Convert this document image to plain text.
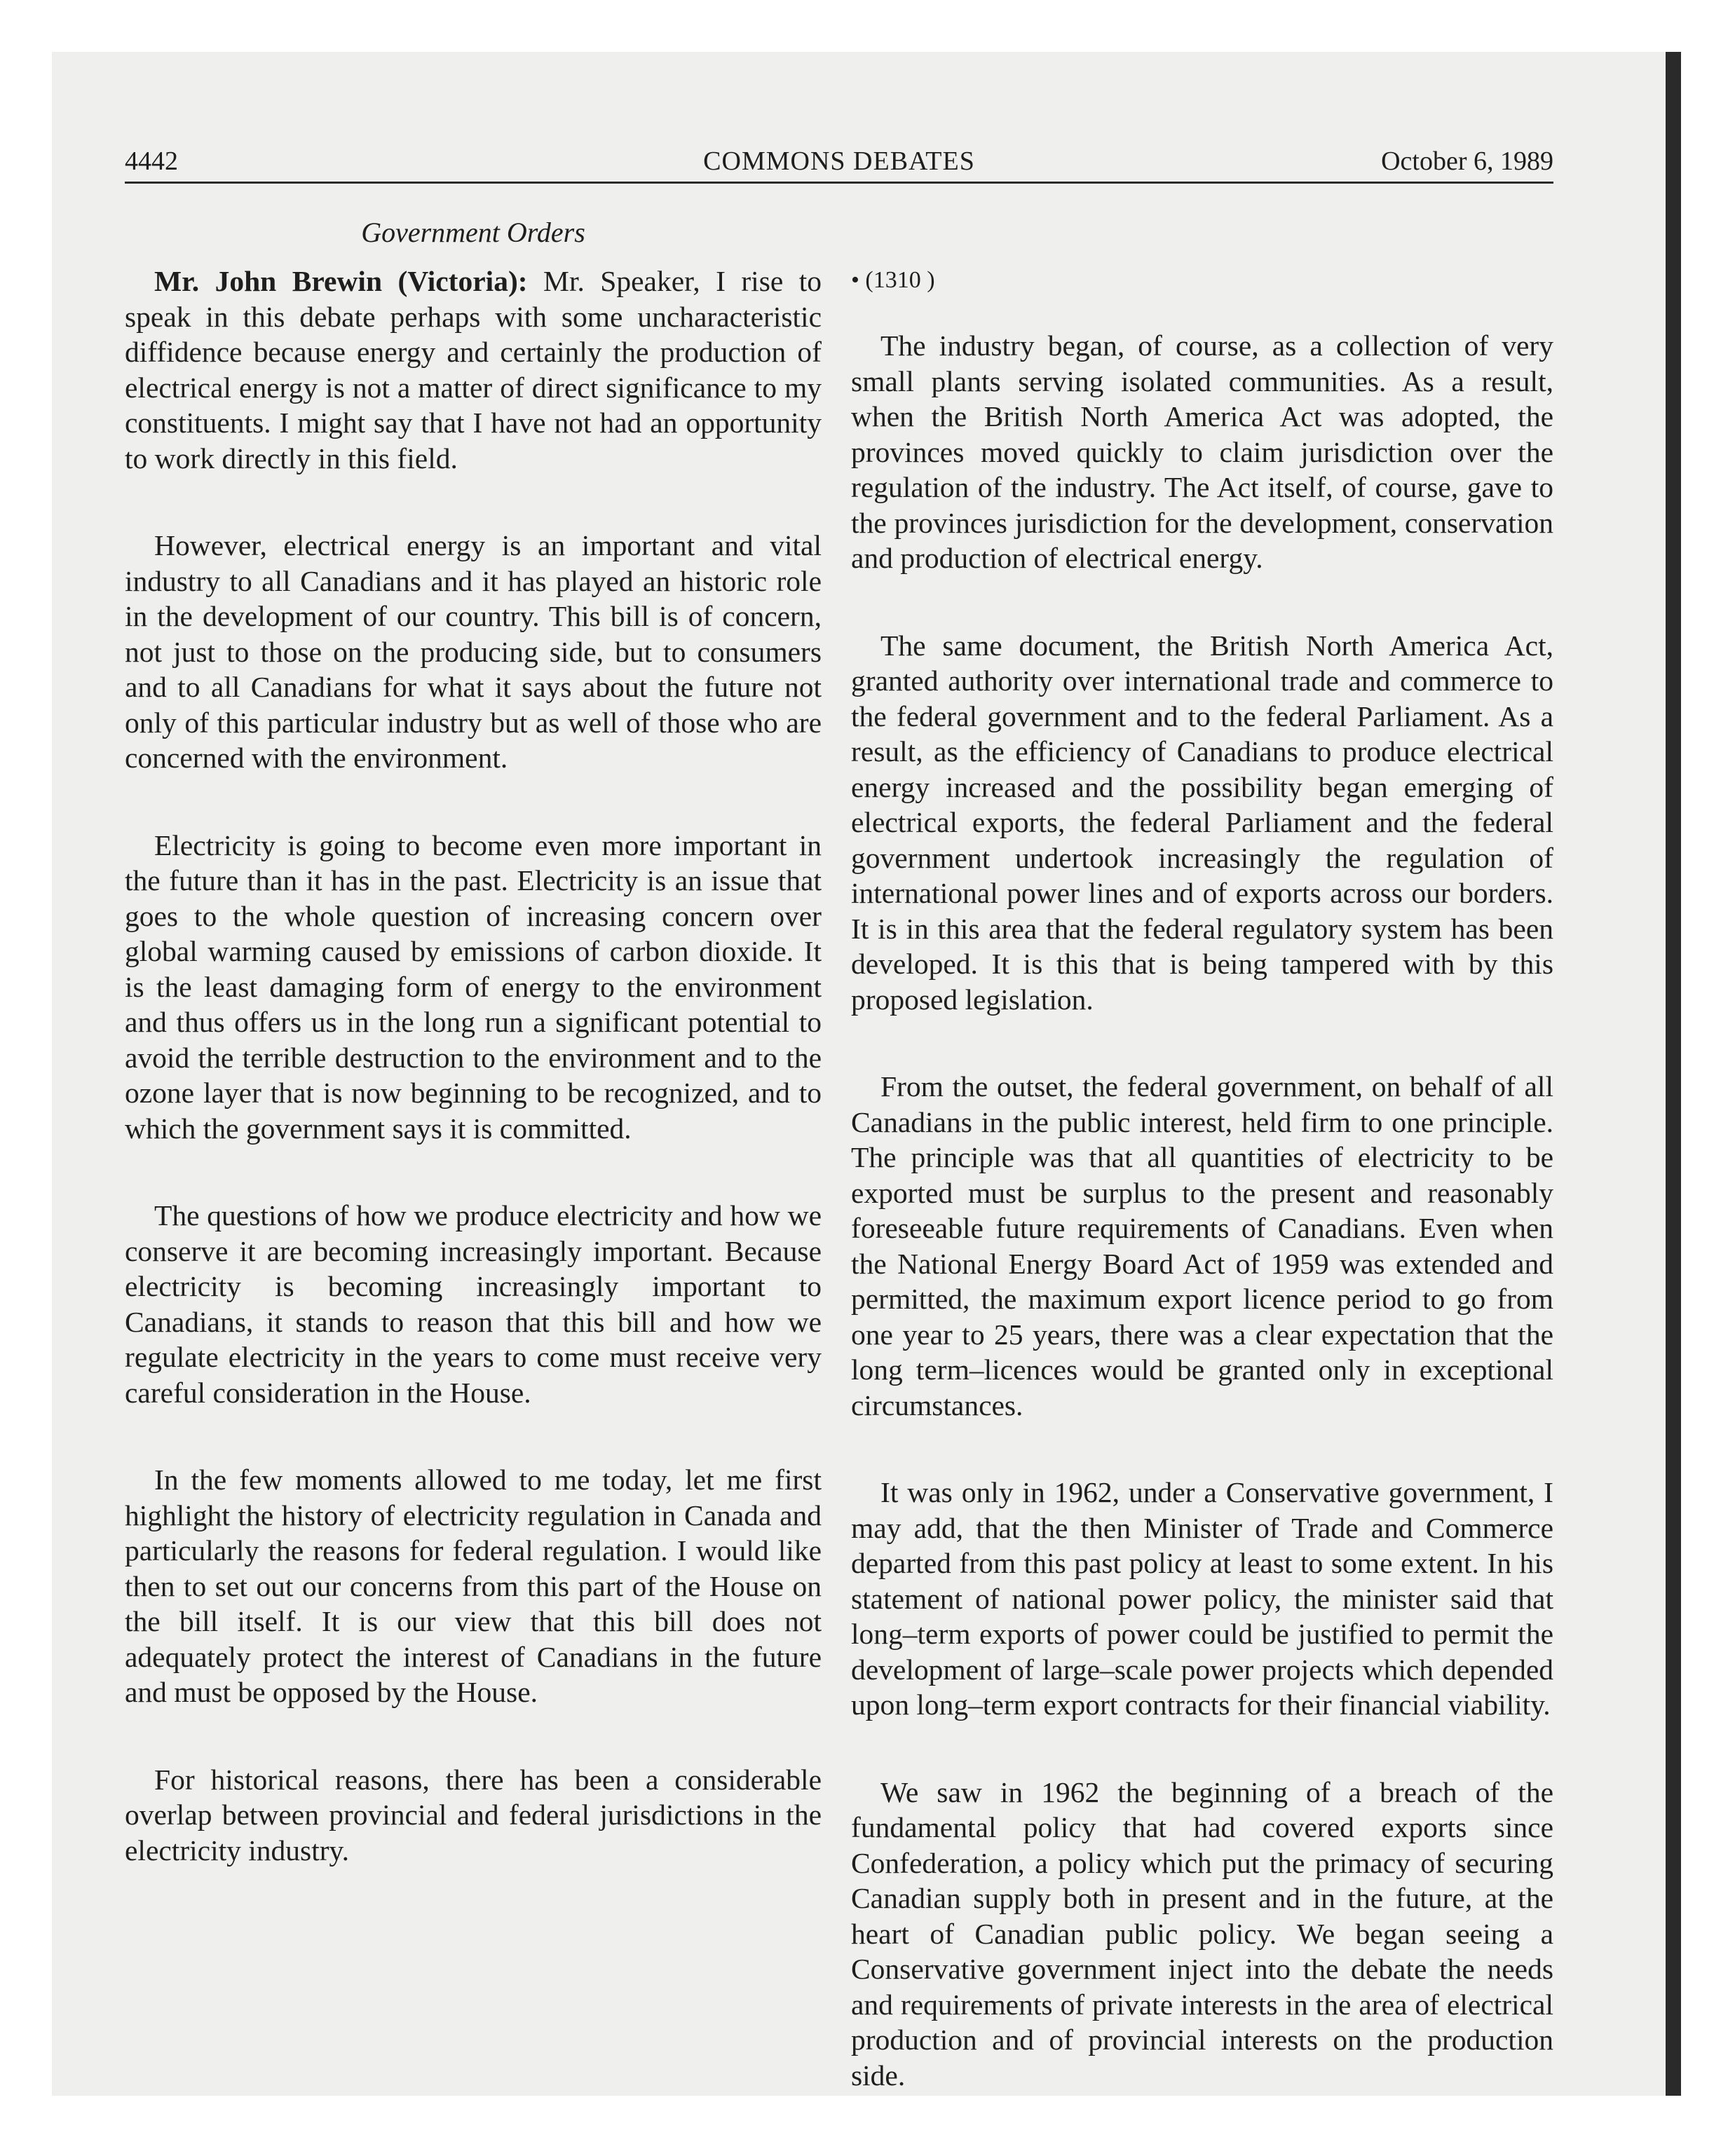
4442	COMMONS DEBATES	October 6, 1989
Government Orders

Mr. John Brewin (Victoria): Mr. Speaker, I rise to speak in this debate perhaps with some uncharacteristic diffidence because energy and certainly the production of electrical energy is not a matter of direct significance to my constituents. I might say that I have not had an opportunity to work directly in this field.

However, electrical energy is an important and vital industry to all Canadians and it has played an historic role in the development of our country. This bill is of concern, not just to those on the producing side, but to consumers and to all Canadians for what it says about the future not only of this particular industry but as well of those who are concerned with the environment.

Electricity is going to become even more important in the future than it has in the past. Electricity is an issue that goes to the whole question of increasing concern over global warming caused by emissions of carbon dioxide. It is the least damaging form of energy to the environment and thus offers us in the long run a significant potential to avoid the terrible destruction to the environment and to the ozone layer that is now beginning to be recognized, and to which the government says it is committed.

The questions of how we produce electricity and how we conserve it are becoming increasingly important. Because electricity is becoming increasingly important to Canadians, it stands to reason that this bill and how we regulate electricity in the years to come must receive very careful consideration in the House.

In the few moments allowed to me today, let me first highlight the history of electricity regulation in Canada and particularly the reasons for federal regulation. I would like then to set out our concerns from this part of the House on the bill itself. It is our view that this bill does not adequately protect the interest of Canadians in the future and must be opposed by the House.

For historical reasons, there has been a considerable overlap between provincial and federal jurisdictions in the electricity industry.

• (1310 )

The industry began, of course, as a collection of very small plants serving isolated communities. As a result, when the British North America Act was adopted, the provinces moved quickly to claim jurisdiction over the regulation of the industry. The Act itself, of course, gave to the provinces jurisdiction for the development, conservation and production of electrical energy.

The same document, the British North America Act, granted authority over international trade and commerce to the federal government and to the federal Parliament. As a result, as the efficiency of Canadians to produce electrical energy increased and the possibility began emerging of electrical exports, the federal Parliament and the federal government undertook increasingly the regulation of international power lines and of exports across our borders. It is in this area that the federal regulatory system has been developed. It is this that is being tampered with by this proposed legislation.

From the outset, the federal government, on behalf of all Canadians in the public interest, held firm to one principle. The principle was that all quantities of electricity to be exported must be surplus to the present and reasonably foreseeable future requirements of Canadians. Even when the National Energy Board Act of 1959 was extended and permitted, the maximum export licence period to go from one year to 25 years, there was a clear expectation that the long term–licences would be granted only in exceptional circumstances.

It was only in 1962, under a Conservative government, I may add, that the then Minister of Trade and Commerce departed from this past policy at least to some extent. In his statement of national power policy, the minister said that long–term exports of power could be justified to permit the development of large–scale power projects which depended upon long–term export contracts for their financial viability.

We saw in 1962 the beginning of a breach of the fundamental policy that had covered exports since Confederation, a policy which put the primacy of securing Canadian supply both in present and in the future, at the heart of Canadian public policy. We began seeing a Conservative government inject into the debate the needs and requirements of private interests in the area of electrical production and of provincial interests on the production side.
